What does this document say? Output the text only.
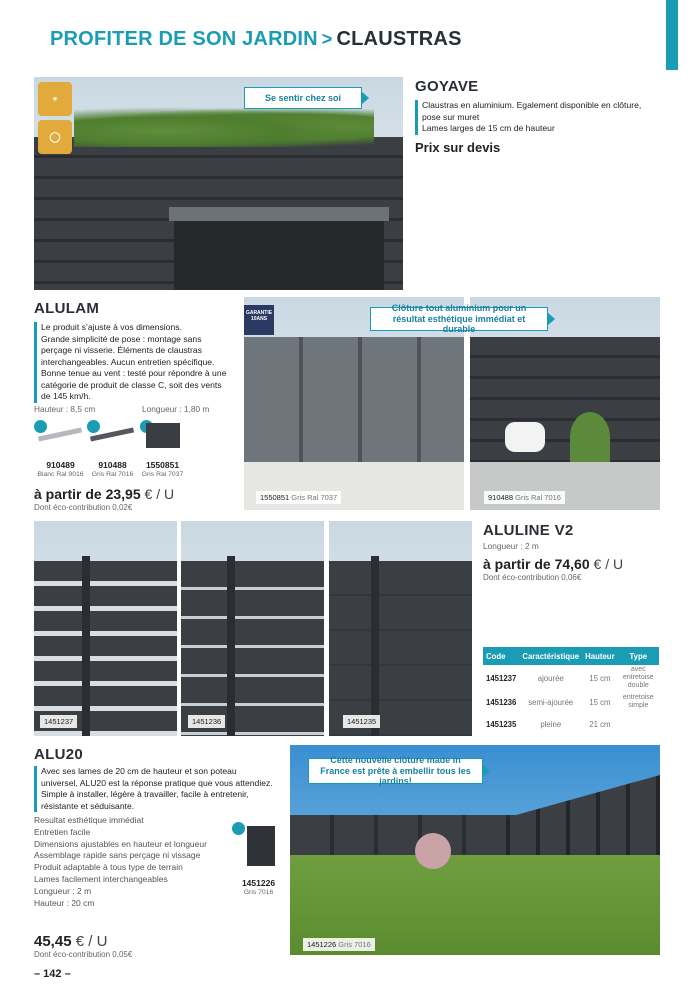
PROFITER DE SON JARDIN > CLAUSTRAS
☀
◯
Se sentir chez soi
GOYAVE
Claustras en aluminium. Egalement disponible en clôture,
pose sur muret
Lames larges de 15 cm de hauteur
Prix sur devis
ALULAM
Le produit s’ajuste à vos dimensions.
Grande simplicité de pose : montage sans
perçage ni visserie. Éléments de claustras
interchangeables. Aucun entretien spécifique.
Bonne tenue au vent : testé pour répondre à une
catégorie de produit de classe C, soit des vents
de 145 km/h.
Hauteur : 8,5 cm	Longueur : 1,80 m
910489
Blanc Ral 9016
910488
Gris Ral 7016
1550851
Gris Ral 7037
à partir de 23,95 € / U
Dont éco-contribution 0,02€
GARANTIE
10ANS
Clôture tout aluminium pour un résultat esthétique immédiat et durable
1550851 Gris Ral 7037	910488 Gris Ral 7016
1451237	1451236	1451235
ALULINE V2
Longueur : 2 m
à partir de 74,60 € / U
Dont éco-contribution 0,06€
Code	Caractéristique	Hauteur	Type
1451237	ajourée	15 cm	avec entretoise double
1451236	semi-ajourée	15 cm	entretoise simple
1451235	pleine	21 cm	
ALU20
Avec ses lames de 20 cm de hauteur et son poteau
universel, ALU20 est la réponse pratique que vous attendiez.
Simple à installer, légère à travailler, facile à entretenir,
résistante et séduisante.
Resultat esthétique immédiat
Entretien facile
Dimensions ajustables en hauteur et longueur
Assemblage rapide sans perçage ni vissage
Produit adaptable à tous type de terrain
Lames facilement interchangeables
Longueur : 2 m
Hauteur : 20 cm
1451226
Gris 7016
45,45 € / U
Dont éco-contribution 0,05€
Cette nouvelle clôture made in France est prête à embellir tous les jardins!
1451226 Gris 7016
– 142 –
